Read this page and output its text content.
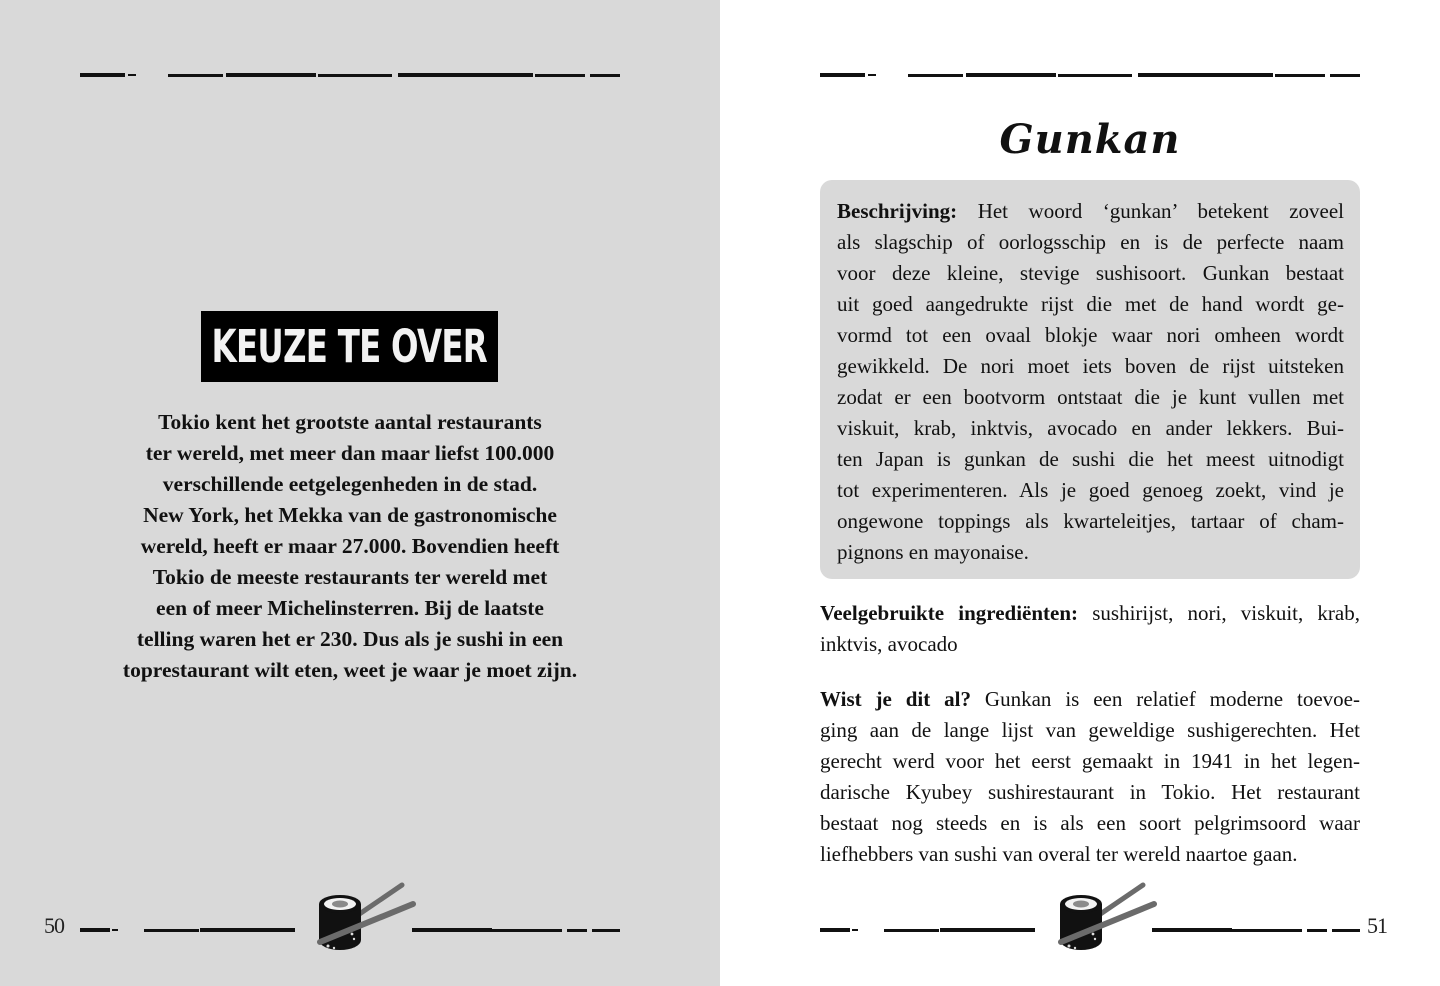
KEUZE TE OVER
Tokio kent het grootste aantal restaurants
ter wereld, met meer dan maar liefst 100.000
verschillende eetgelegenheden in de stad.
New York, het Mekka van de gastronomische
wereld, heeft er maar 27.000. Bovendien heeft
Tokio de meeste restaurants ter wereld met
een of meer Michelinsterren. Bij de laatste
telling waren het er 230. Dus als je sushi in een
toprestaurant wilt eten, weet je waar je moet zijn.
50
Gunkan
Beschrijving: Het woord ‘gunkan’ betekent zoveel
als slagschip of oorlogsschip en is de perfecte naam
voor deze kleine, stevige sushisoort. Gunkan bestaat
uit goed aangedrukte rijst die met de hand wordt ge-
vormd tot een ovaal blokje waar nori omheen wordt
gewikkeld. De nori moet iets boven de rijst uitsteken
zodat er een bootvorm ontstaat die je kunt vullen met
viskuit, krab, inktvis, avocado en ander lekkers. Bui-
ten Japan is gunkan de sushi die het meest uitnodigt
tot experimenteren. Als je goed genoeg zoekt, vind je
ongewone toppings als kwarteleitjes, tartaar of cham-
pignons en mayonaise.
Veelgebruikte ingrediënten: sushirijst, nori, viskuit, krab,
inktvis, avocado
Wist je dit al? Gunkan is een relatief moderne toevoe-
ging aan de lange lijst van geweldige sushigerechten. Het
gerecht werd voor het eerst gemaakt in 1941 in het legen-
darische Kyubey sushirestaurant in Tokio. Het restaurant
bestaat nog steeds en is als een soort pelgrimsoord waar
liefhebbers van sushi van overal ter wereld naartoe gaan.
51
